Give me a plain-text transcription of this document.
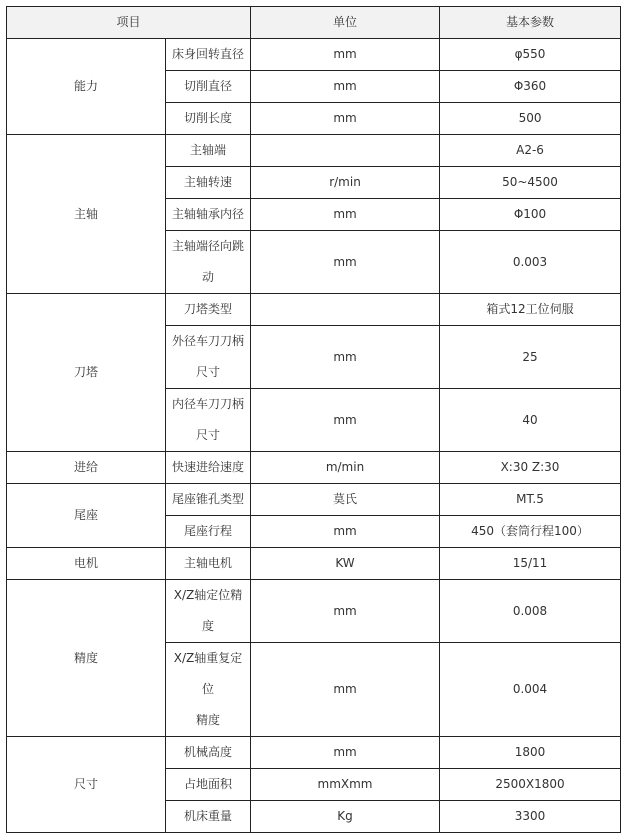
项目		单位	基本参数
能力	床身回转直径	mm	φ550

	切削直径	mm	Φ360

	切削长度	mm	500
主轴	主轴端		A2-6

	主轴转速	r/min	50~4500

	主轴轴承内径	mm	Φ100

	主轴端径向跳
动	mm	0.003
刀塔	刀塔类型		箱式12工位伺服

	外径车刀刀柄
尺寸	mm	25

	内径车刀刀柄
尺寸	mm	40
进给	快速进给速度	m/min	X:30 Z:30
尾座	尾座锥孔类型	莫氏	MT.5

	尾座行程	mm	450（套筒行程100）
电机	主轴电机	KW	15/11
精度	X/Z轴定位精度	mm	0.008

	X/Z轴重复定位
精度	mm	0.004
尺寸	机械高度	mm	1800

	占地面积	mmXmm	2500X1800

	机床重量	Kg	3300
